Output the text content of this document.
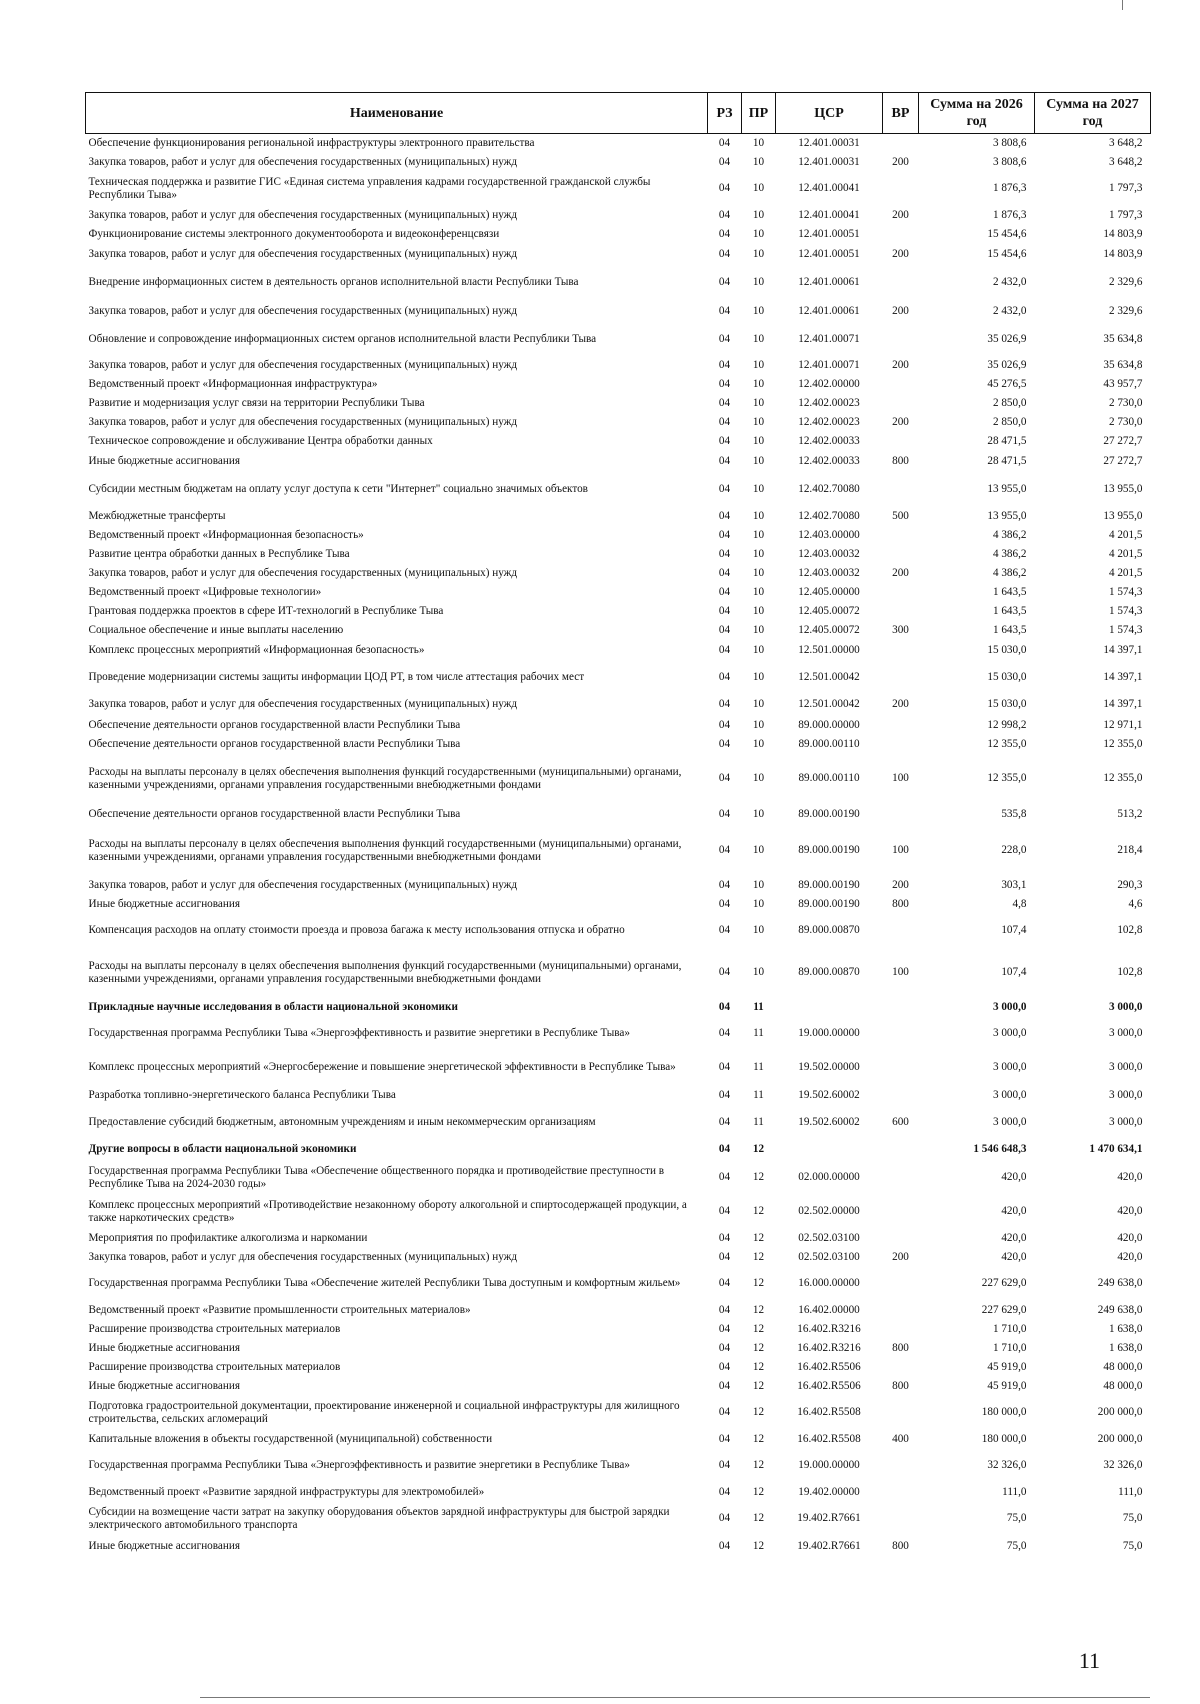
Наименование	РЗ	ПР	ЦСР	ВР	Сумма на 2026 год	Сумма на 2027 год
Обеспечение функционирования региональной инфраструктуры электронного правительства	04	10	12.401.00031		3 808,6	3 648,2
Закупка товаров, работ и услуг для обеспечения государственных (муниципальных) нужд	04	10	12.401.00031	200	3 808,6	3 648,2
Техническая поддержка и развитие ГИС «Единая система управления кадрами государственной гражданской службы Республики Тыва»	04	10	12.401.00041		1 876,3	1 797,3
Закупка товаров, работ и услуг для обеспечения государственных (муниципальных) нужд	04	10	12.401.00041	200	1 876,3	1 797,3
Функционирование системы электронного документооборота и видеоконференцсвязи	04	10	12.401.00051		15 454,6	14 803,9
Закупка товаров, работ и услуг для обеспечения государственных (муниципальных) нужд	04	10	12.401.00051	200	15 454,6	14 803,9
Внедрение информационных систем в деятельность органов исполнительной власти Республики Тыва	04	10	12.401.00061		2 432,0	2 329,6
Закупка товаров, работ и услуг для обеспечения государственных (муниципальных) нужд	04	10	12.401.00061	200	2 432,0	2 329,6
Обновление и сопровождение информационных систем органов исполнительной власти Республики Тыва	04	10	12.401.00071		35 026,9	35 634,8
Закупка товаров, работ и услуг для обеспечения государственных (муниципальных) нужд	04	10	12.401.00071	200	35 026,9	35 634,8
Ведомственный проект «Информационная инфраструктура»	04	10	12.402.00000		45 276,5	43 957,7
Развитие и модернизация услуг связи на территории Республики Тыва	04	10	12.402.00023		2 850,0	2 730,0
Закупка товаров, работ и услуг для обеспечения государственных (муниципальных) нужд	04	10	12.402.00023	200	2 850,0	2 730,0
Техническое сопровождение и обслуживание Центра обработки данных	04	10	12.402.00033		28 471,5	27 272,7
Иные бюджетные ассигнования	04	10	12.402.00033	800	28 471,5	27 272,7
Субсидии местным бюджетам на оплату услуг доступа к сети "Интернет" социально значимых объектов	04	10	12.402.70080		13 955,0	13 955,0
Межбюджетные трансферты	04	10	12.402.70080	500	13 955,0	13 955,0
Ведомственный проект «Информационная безопасность»	04	10	12.403.00000		4 386,2	4 201,5
Развитие центра обработки данных в Республике Тыва	04	10	12.403.00032		4 386,2	4 201,5
Закупка товаров, работ и услуг для обеспечения государственных (муниципальных) нужд	04	10	12.403.00032	200	4 386,2	4 201,5
Ведомственный проект «Цифровые технологии»	04	10	12.405.00000		1 643,5	1 574,3
Грантовая поддержка проектов в сфере ИТ-технологий в Республике Тыва	04	10	12.405.00072		1 643,5	1 574,3
Социальное обеспечение и иные выплаты населению	04	10	12.405.00072	300	1 643,5	1 574,3
Комплекс процессных мероприятий «Информационная безопасность»	04	10	12.501.00000		15 030,0	14 397,1
Проведение модернизации системы защиты информации ЦОД РТ, в том числе аттестация рабочих мест	04	10	12.501.00042		15 030,0	14 397,1
Закупка товаров, работ и услуг для обеспечения государственных (муниципальных) нужд	04	10	12.501.00042	200	15 030,0	14 397,1
Обеспечение деятельности органов государственной власти Республики Тыва	04	10	89.000.00000		12 998,2	12 971,1
Обеспечение деятельности органов государственной власти Республики Тыва	04	10	89.000.00110		12 355,0	12 355,0
Расходы на выплаты персоналу в целях обеспечения выполнения функций государственными (муниципальными) органами, казенными учреждениями, органами управления государственными внебюджетными фондами	04	10	89.000.00110	100	12 355,0	12 355,0
Обеспечение деятельности органов государственной власти Республики Тыва	04	10	89.000.00190		535,8	513,2
Расходы на выплаты персоналу в целях обеспечения выполнения функций государственными (муниципальными) органами, казенными учреждениями, органами управления государственными внебюджетными фондами	04	10	89.000.00190	100	228,0	218,4
Закупка товаров, работ и услуг для обеспечения государственных (муниципальных) нужд	04	10	89.000.00190	200	303,1	290,3
Иные бюджетные ассигнования	04	10	89.000.00190	800	4,8	4,6
Компенсация расходов на оплату стоимости проезда и провоза багажа к месту использования отпуска и обратно	04	10	89.000.00870		107,4	102,8
Расходы на выплаты персоналу в целях обеспечения выполнения функций государственными (муниципальными) органами, казенными учреждениями, органами управления государственными внебюджетными фондами	04	10	89.000.00870	100	107,4	102,8
Прикладные научные исследования в области национальной экономики	04	11			3 000,0	3 000,0
Государственная программа Республики Тыва «Энергоэффективность и развитие энергетики в Республике Тыва»	04	11	19.000.00000		3 000,0	3 000,0
Комплекс процессных мероприятий «Энергосбережение и повышение энергетической эффективности в Республике Тыва»	04	11	19.502.00000		3 000,0	3 000,0
Разработка топливно-энергетического баланса Республики Тыва	04	11	19.502.60002		3 000,0	3 000,0
Предоставление субсидий бюджетным, автономным учреждениям и иным некоммерческим организациям	04	11	19.502.60002	600	3 000,0	3 000,0
Другие вопросы в области национальной экономики	04	12			1 546 648,3	1 470 634,1
Государственная программа Республики Тыва «Обеспечение общественного порядка и противодействие преступности в Республике Тыва на 2024-2030 годы»	04	12	02.000.00000		420,0	420,0
Комплекс процессных мероприятий «Противодействие незаконному обороту алкогольной и спиртосодержащей продукции, а также наркотических средств»	04	12	02.502.00000		420,0	420,0
Мероприятия по профилактике алкоголизма и наркомании	04	12	02.502.03100		420,0	420,0
Закупка товаров, работ и услуг для обеспечения государственных (муниципальных) нужд	04	12	02.502.03100	200	420,0	420,0
Государственная программа Республики Тыва «Обеспечение жителей Республики Тыва доступным и комфортным жильем»	04	12	16.000.00000		227 629,0	249 638,0
Ведомственный проект «Развитие промышленности строительных материалов»	04	12	16.402.00000		227 629,0	249 638,0
Расширение производства строительных материалов	04	12	16.402.R3216		1 710,0	1 638,0
Иные бюджетные ассигнования	04	12	16.402.R3216	800	1 710,0	1 638,0
Расширение производства строительных материалов	04	12	16.402.R5506		45 919,0	48 000,0
Иные бюджетные ассигнования	04	12	16.402.R5506	800	45 919,0	48 000,0
Подготовка градостроительной документации, проектирование инженерной и социальной инфраструктуры для жилищного строительства, сельских агломераций	04	12	16.402.R5508		180 000,0	200 000,0
Капитальные вложения в объекты государственной (муниципальной) собственности	04	12	16.402.R5508	400	180 000,0	200 000,0
Государственная программа Республики Тыва «Энергоэффективность и развитие энергетики в Республике Тыва»	04	12	19.000.00000		32 326,0	32 326,0
Ведомственный проект «Развитие зарядной инфраструктуры для электромобилей»	04	12	19.402.00000		111,0	111,0
Субсидии на возмещение части затрат на закупку оборудования объектов зарядной инфраструктуры для быстрой зарядки электрического автомобильного транспорта	04	12	19.402.R7661		75,0	75,0
Иные бюджетные ассигнования	04	12	19.402.R7661	800	75,0	75,0
11
